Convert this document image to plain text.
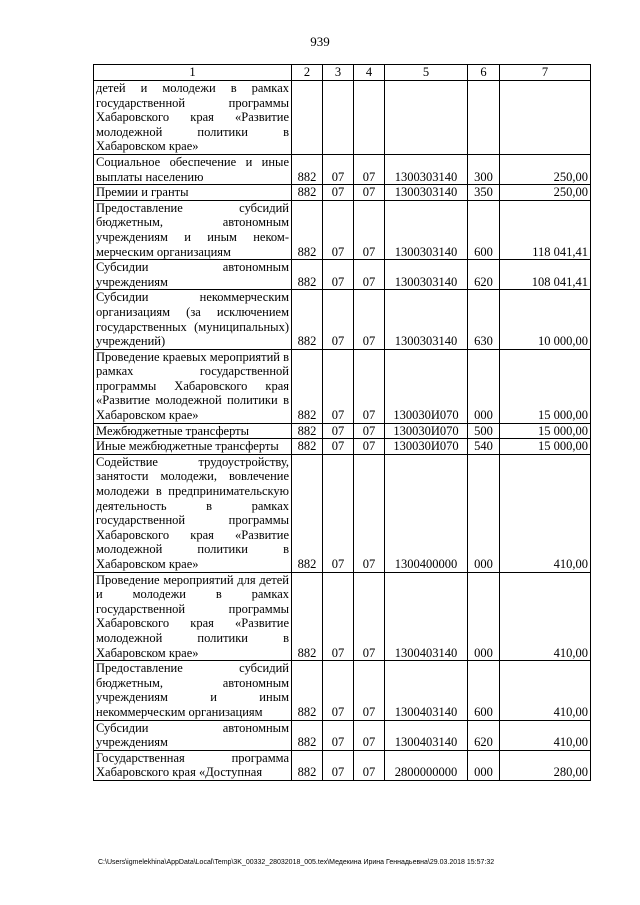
939
1	2	3	4	5	6	7
детей и молодежи в рамках государственной программы Хабаровского края «Развитие молодежной политики в Хабаровском крае»						
Социальное обеспечение и иные выплаты населению	882	07	07	1300303140	300	250,00
Премии и гранты	882	07	07	1300303140	350	250,00
Предоставление субсидий бюджетным, автономным учреждениям и иным неком-мерческим организациям	882	07	07	1300303140	600	118 041,41
Субсидии автономным учреждениям	882	07	07	1300303140	620	108 041,41
Субсидии некоммерческим организациям (за исключением государственных (муниципальных) учреждений)	882	07	07	1300303140	630	10 000,00
Проведение краевых мероприятий в рамках государственной программы Хабаровского края «Развитие молодежной политики в Хабаровском крае»	882	07	07	130030И070	000	15 000,00
Межбюджетные трансферты	882	07	07	130030И070	500	15 000,00
Иные межбюджетные трансферты	882	07	07	130030И070	540	15 000,00
Содействие трудоустройству, занятости молодежи, вовлечение молодежи в предпринимательскую деятельность в рамках государственной программы Хабаровского края «Развитие молодежной политики в Хабаровском крае»	882	07	07	1300400000	000	410,00
Проведение мероприятий для детей и молодежи в рамках государственной программы Хабаровского края «Развитие молодежной политики в Хабаровском крае»	882	07	07	1300403140	000	410,00
Предоставление субсидий бюджетным, автономным учреждениям и иным некоммерческим организациям	882	07	07	1300403140	600	410,00
Субсидии автономным учреждениям	882	07	07	1300403140	620	410,00
Государственная программа Хабаровского края «Доступная	882	07	07	2800000000	000	280,00
C:\Users\igmelekhina\AppData\Local\Temp\3K_00332_28032018_005.tex\Медекина Ирина Геннадьевна\29.03.2018 15:57:32
